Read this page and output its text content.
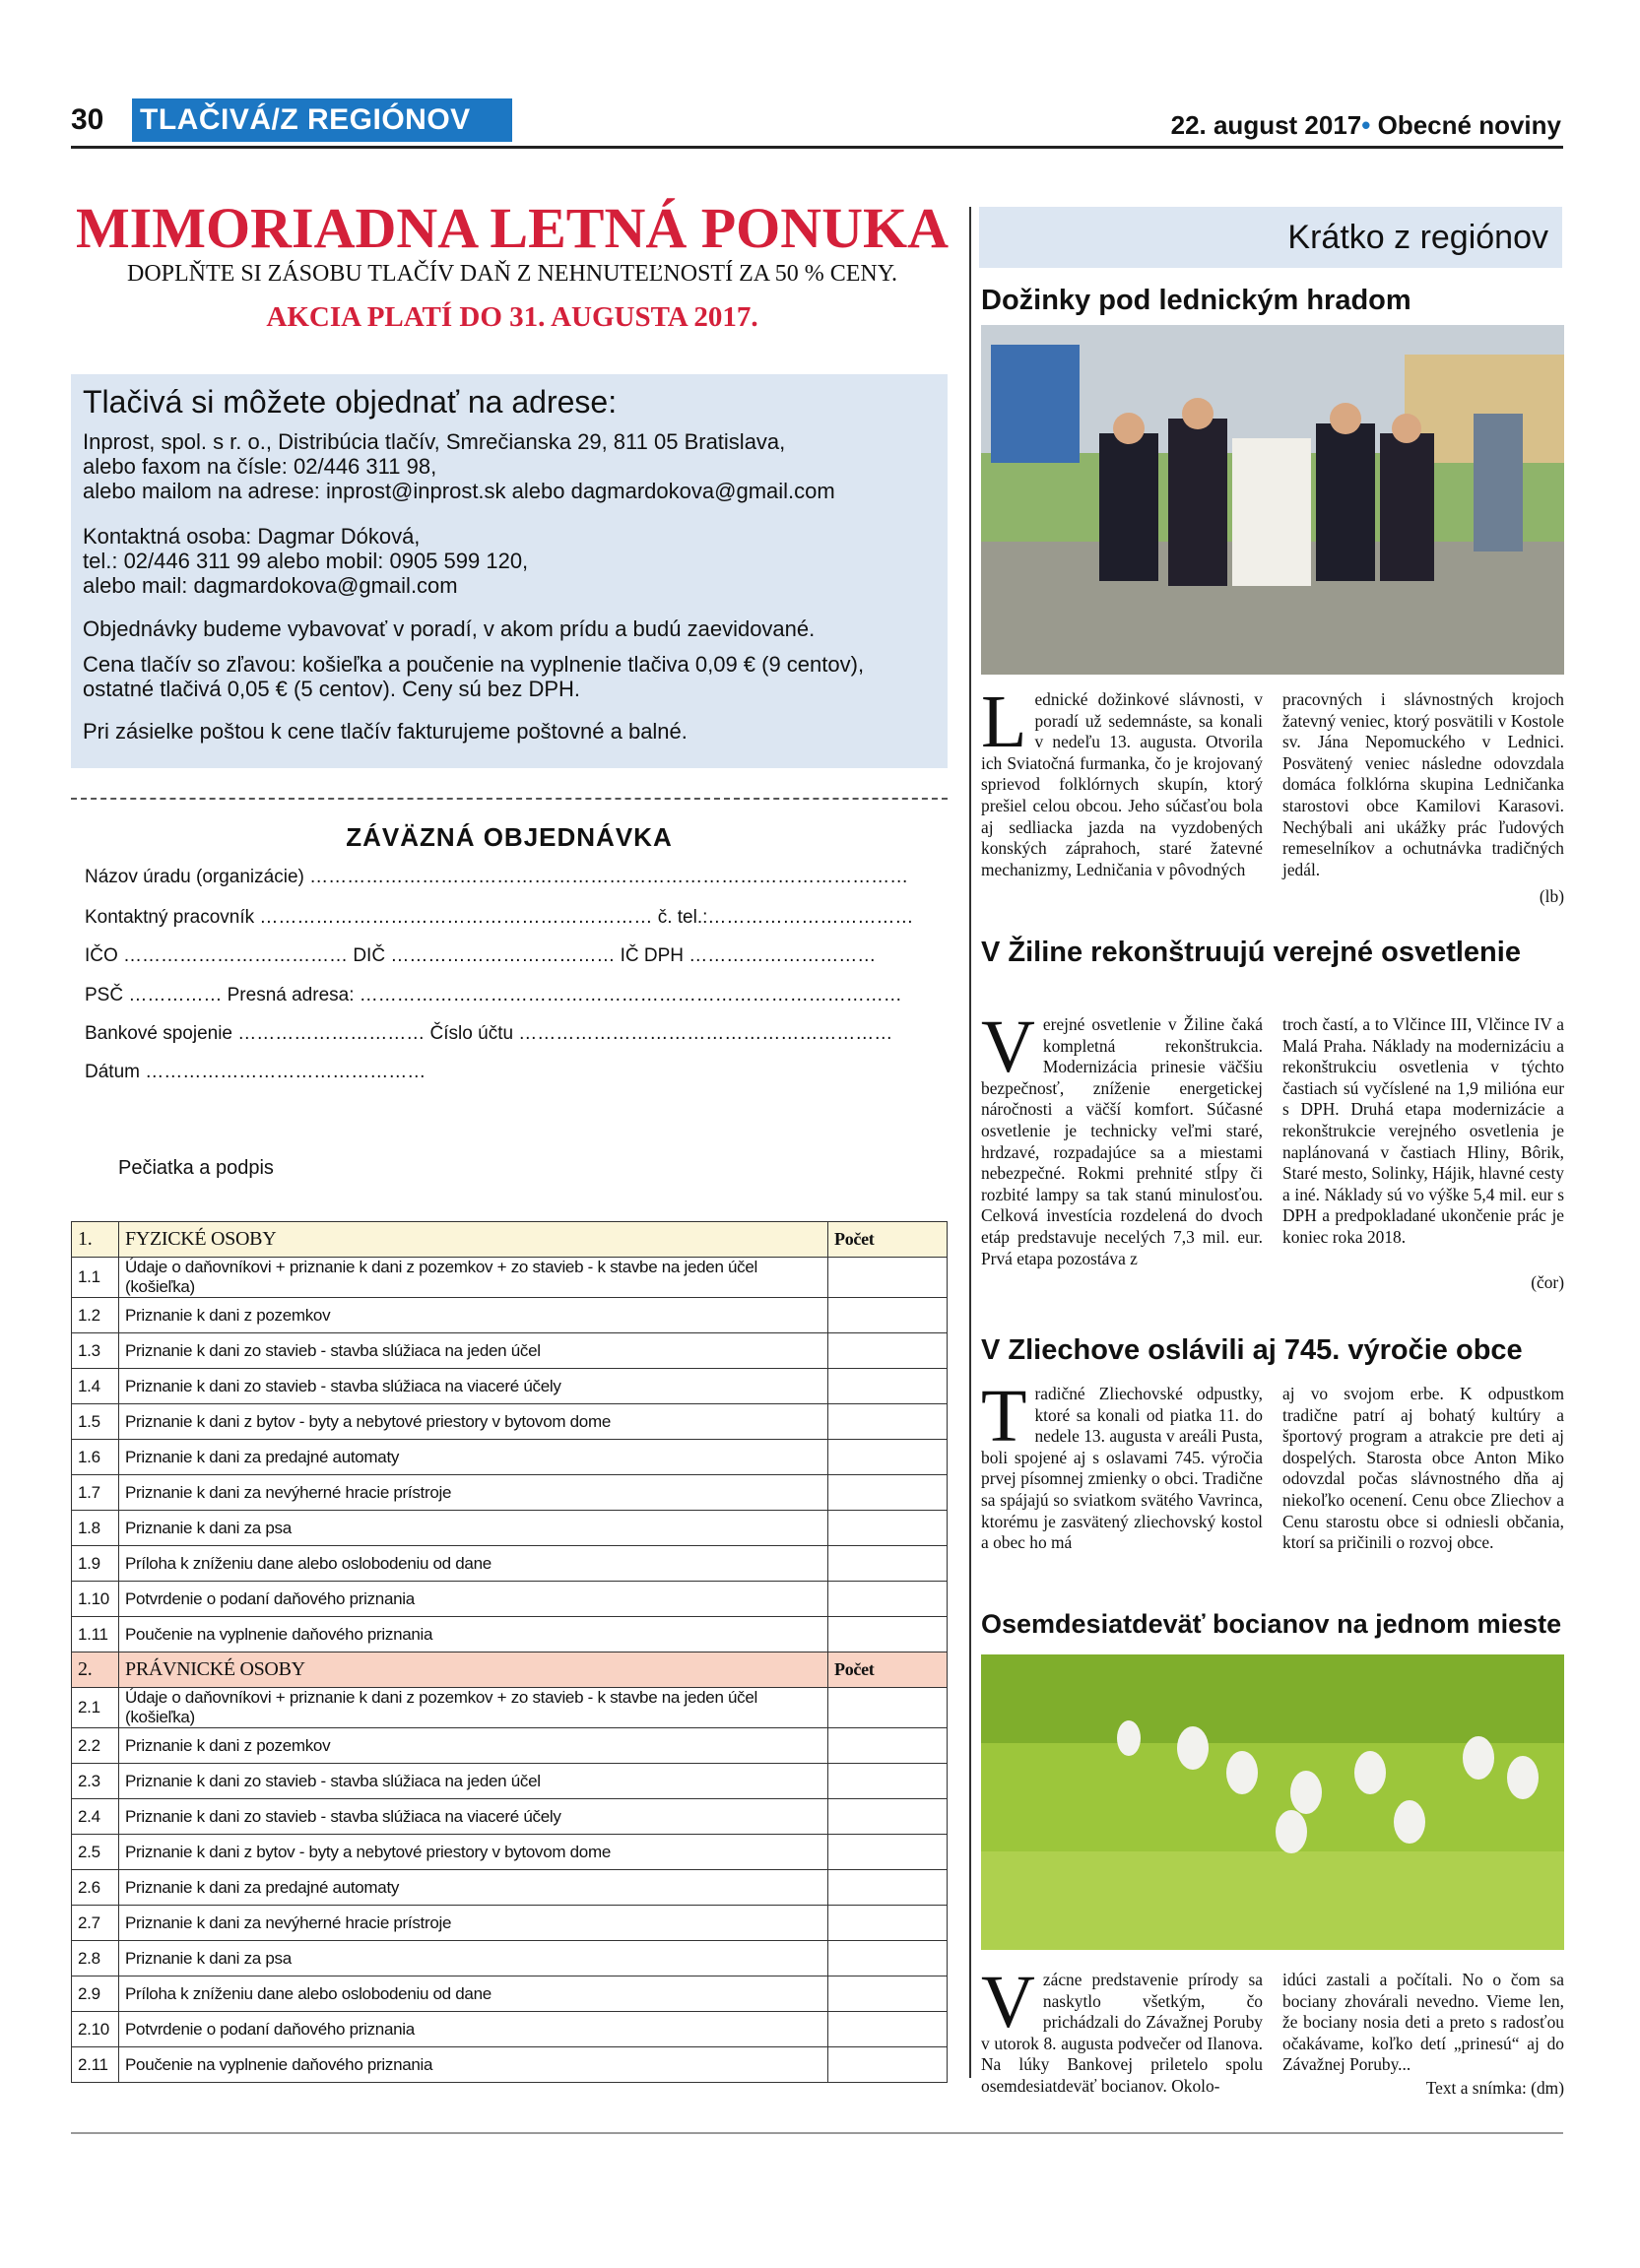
30 TLAČIVÁ/Z REGIÓNOV	22. august 2017• Obecné noviny
MIMORIADNA LETNÁ PONUKA
DOPLŇTE SI ZÁSOBU TLAČÍV DAŇ Z NEHNUTEĽNOSTÍ ZA 50 % CENY.
AKCIA PLATÍ DO 31. AUGUSTA 2017.
Tlačivá si môžete objednať na adrese:
Inprost, spol. s r. o., Distribúcia tlačív, Smrečianska 29, 811 05 Bratislava,
alebo faxom na čísle: 02/446 311 98,
alebo mailom na adrese: inprost@inprost.sk alebo dagmardokova@gmail.com
Kontaktná osoba: Dagmar Dóková,
tel.: 02/446 311 99 alebo mobil: 0905 599 120,
alebo mail: dagmardokova@gmail.com
Objednávky budeme vybavovať v poradí, v akom prídu a budú zaevidované.
Cena tlačív so zľavou: košieľka a poučenie na vyplnenie tlačiva 0,09 € (9 centov),
ostatné tlačivá 0,05 € (5 centov). Ceny sú bez DPH.
Pri zásielke poštou k cene tlačív fakturujeme poštovné a balné.
ZÁVÄZNÁ OBJEDNÁVKA
Názov úradu (organizácie) ……………………………………………………………………………………
Kontaktný pracovník ……………………………………………………… č. tel.:……………………………
IČO ……………………………… DIČ ……………………………… IČ DPH …………………………
PSČ …………… Presná adresa: ……………………………………………………………………………
Bankové spojenie ………………………… Číslo účtu ……………………………………………………
Dátum ………………………………………
Pečiatka a podpis
1.	FYZICKÉ OSOBY	Počet
1.1	Údaje o daňovníkovi + priznanie k dani z pozemkov + zo stavieb - k stavbe na jeden účel (košieľka)	
1.2	Priznanie k dani z pozemkov	
1.3	Priznanie k dani zo stavieb - stavba slúžiaca na jeden účel	
1.4	Priznanie k dani zo stavieb - stavba slúžiaca na viaceré účely	
1.5	Priznanie k dani z bytov - byty a nebytové priestory v bytovom dome	
1.6	Priznanie k dani za predajné automaty	
1.7	Priznanie k dani za nevýherné hracie prístroje	
1.8	Priznanie k dani za psa	
1.9	Príloha k zníženiu dane alebo oslobodeniu od dane	
1.10	Potvrdenie o podaní daňového priznania	
1.11	Poučenie na vyplnenie daňového priznania	
2.	PRÁVNICKÉ OSOBY	Počet
2.1	Údaje o daňovníkovi + priznanie k dani z pozemkov + zo stavieb - k stavbe na jeden účel (košieľka)	
2.2	Priznanie k dani z pozemkov	
2.3	Priznanie k dani zo stavieb - stavba slúžiaca na jeden účel	
2.4	Priznanie k dani zo stavieb - stavba slúžiaca na viaceré účely	
2.5	Priznanie k dani z bytov - byty a nebytové priestory v bytovom dome	
2.6	Priznanie k dani za predajné automaty	
2.7	Priznanie k dani za nevýherné hracie prístroje	
2.8	Priznanie k dani za psa	
2.9	Príloha k zníženiu dane alebo oslobodeniu od dane	
2.10	Potvrdenie o podaní daňového priznania	
2.11	Poučenie na vyplnenie daňového priznania	
Krátko z regiónov
Dožinky pod lednickým hradom
Lednické dožinkové slávnosti, v poradí už sedemnáste, sa konali v nedeľu 13. augusta. Otvorila ich Sviatočná furmanka, čo je krojovaný sprievod folklórnych skupín, ktorý prešiel celou obcou. Jeho súčasťou bola aj sedliacka jazda na vyzdobených konských záprahoch, staré žatevné mechanizmy, Ledničania v pôvodných
pracovných i slávnostných krojoch žatevný veniec, ktorý posvätili v Kostole sv. Jána Nepomuckého v Lednici. Posvätený veniec následne odovzdala domáca folklórna skupina Ledničanka starostovi obce Kamilovi Karasovi. Nechýbali ani ukážky prác ľudových remeselníkov a ochutnávka tradičných jedál.
(lb)
V Žiline rekonštruujú verejné osvetlenie
Verejné osvetlenie v Žiline čaká kompletná rekonštrukcia. Modernizácia prinesie väčšiu bezpečnosť, zníženie energetickej náročnosti a väčší komfort. Súčasné osvetlenie je technicky veľmi staré, hrdzavé, rozpadajúce sa a miestami nebezpečné. Rokmi prehnité stĺpy či rozbité lampy sa tak stanú minulosťou. Celková investícia rozdelená do dvoch etáp predstavuje necelých 7,3 mil. eur. Prvá etapa pozostáva z
troch častí, a to Vlčince III, Vlčince IV a Malá Praha. Náklady na modernizáciu a rekonštrukciu osvetlenia v týchto častiach sú vyčíslené na 1,9 milióna eur s DPH. Druhá etapa modernizácie a rekonštrukcie verejného osvetlenia je naplánovaná v častiach Hliny, Bôrik, Staré mesto, Solinky, Hájik, hlavné cesty a iné. Náklady sú vo výške 5,4 mil. eur s DPH a predpokladané ukončenie prác je koniec roka 2018.
(čor)
V Zliechove oslávili aj 745. výročie obce
Tradičné Zliechovské odpustky, ktoré sa konali od piatka 11. do nedele 13. augusta v areáli Pusta, boli spojené aj s oslavami 745. výročia prvej písomnej zmienky o obci. Tradične sa spájajú so sviatkom svätého Vavrinca, ktorému je zasvätený zliechovský kostol a obec ho má
aj vo svojom erbe. K odpustkom tradične patrí aj bohatý kultúry a športový program a atrakcie pre deti aj dospelých. Starosta obce Anton Miko odovzdal počas slávnostného dňa aj niekoľko ocenení. Cenu obce Zliechov a Cenu starostu obce si odniesli občania, ktorí sa pričinili o rozvoj obce.
Osemdesiatdeväť bocianov na jednom mieste
Vzácne predstavenie prírody sa naskytlo všetkým, čo prichádzali do Závažnej Poruby v utorok 8. augusta podvečer od Ilanova. Na lúky Bankovej priletelo spolu osemdesiatdeväť bocianov. Okolo-
idúci zastali a počítali. No o čom sa bociany zhovárali nevedno. Vieme len, že bociany nosia deti a preto s radosťou očakávame, koľko detí „prinesú“ aj do Závažnej Poruby...
Text a snímka: (dm)
